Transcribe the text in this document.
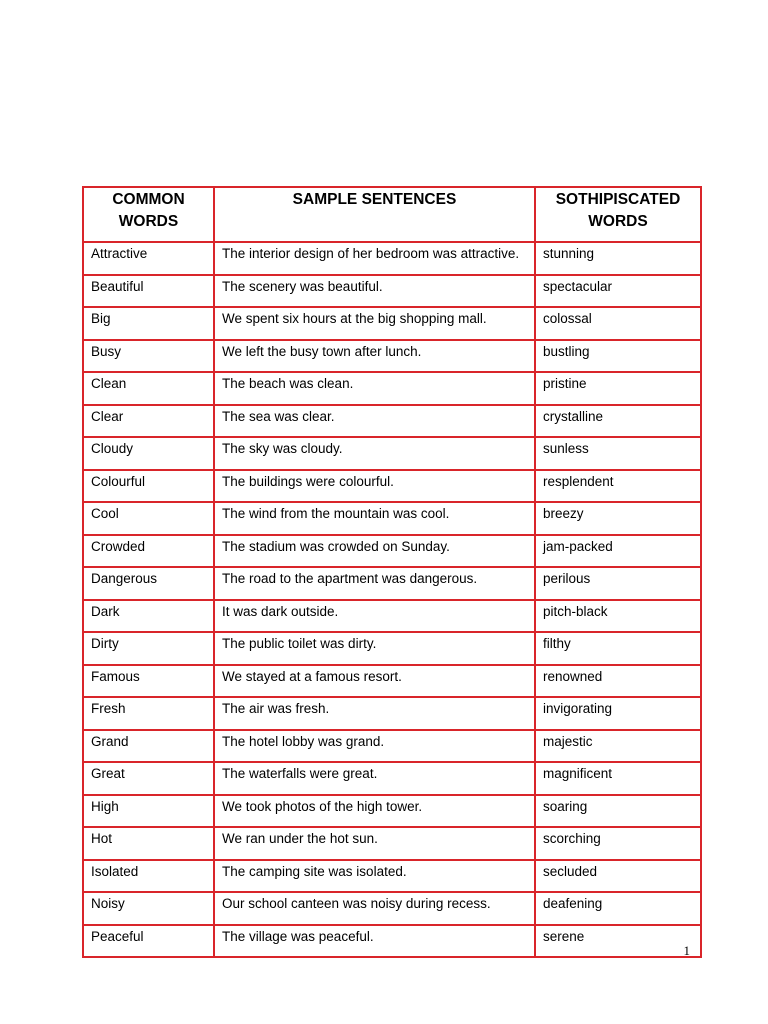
COMMON WORDS	SAMPLE SENTENCES	SOTHIPISCATED WORDS
Attractive	The interior design of her bedroom was attractive.	stunning
Beautiful	The scenery was beautiful.	spectacular
Big	We spent six hours at the big shopping mall.	colossal
Busy	We left the busy town after lunch.	bustling
Clean	The beach was clean.	pristine
Clear	The sea was clear.	crystalline
Cloudy	The sky was cloudy.	sunless
Colourful	The buildings were colourful.	resplendent
Cool	The wind from the mountain was cool.	breezy
Crowded	The stadium was crowded on Sunday.	jam-packed
Dangerous	The road to the apartment was dangerous.	perilous
Dark	It was dark outside.	pitch-black
Dirty	The public toilet was dirty.	filthy
Famous	We stayed at a famous resort.	renowned
Fresh	The air was fresh.	invigorating
Grand	The hotel lobby was grand.	majestic
Great	The waterfalls were great.	magnificent
High	We took photos of the high tower.	soaring
Hot	We ran under the hot sun.	scorching
Isolated	The camping site was isolated.	secluded
Noisy	Our school canteen was noisy during recess.	deafening
Peaceful	The village was peaceful.	serene
1
